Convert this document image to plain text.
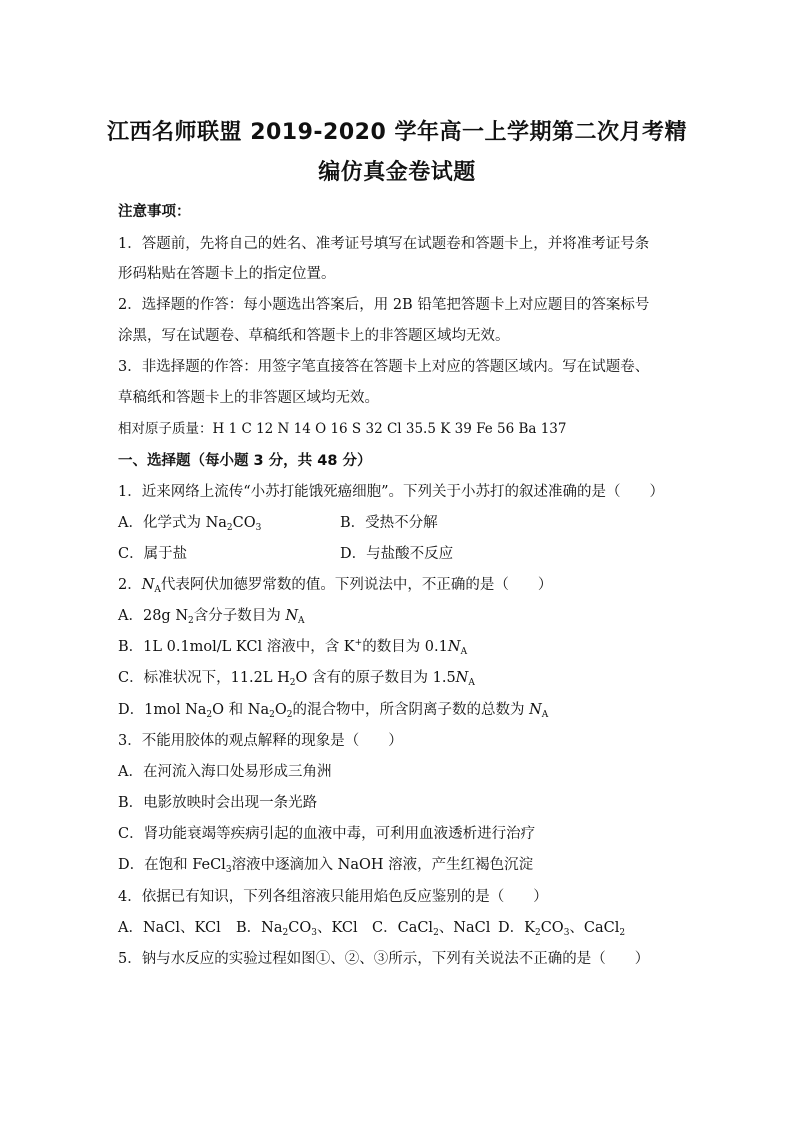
江西名师联盟 2019-2020 学年高一上学期第二次月考精
编仿真金卷试题
注意事项：
1．答题前，先将自己的姓名、准考证号填写在试题卷和答题卡上，并将准考证号条
形码粘贴在答题卡上的指定位置。
2．选择题的作答：每小题选出答案后，用 2B 铅笔把答题卡上对应题目的答案标号
涂黑，写在试题卷、草稿纸和答题卡上的非答题区域均无效。
3．非选择题的作答：用签字笔直接答在答题卡上对应的答题区域内。写在试题卷、
草稿纸和答题卡上的非答题区域均无效。
相对原子质量：H 1 C 12 N 14 O 16 S 32 Cl 35.5 K 39 Fe 56 Ba 137
一、选择题（每小题 3 分，共 48 分）
1．近来网络上流传“小苏打能饿死癌细胞”。下列关于小苏打的叙述准确的是（　　）
A．化学式为 $Na_2CO_3$	B．受热不分解
C．属于盐	D．与盐酸不反应
2．$N_A$代表阿伏加德罗常数的值。下列说法中，不正确的是（　　）
A．28g $N_2$含分子数目为 $N_A$
B．1L 0.1mol/L KCl 溶液中，含 K+的数目为 $0.1N_A$
C．标准状况下，11.2L $H_2O$ 含有的原子数目为 $1.5N_A$
D．1mol $Na_2O$ 和 $Na_2O_2$的混合物中，所含阴离子数的总数为 $N_A$
3．不能用胶体的观点解释的现象是（　　）
A．在河流入海口处易形成三角洲
B．电影放映时会出现一条光路
C．肾功能衰竭等疾病引起的血液中毒，可利用血液透析进行治疗
D．在饱和 FeCl$_3$溶液中逐滴加入 NaOH 溶液，产生红褐色沉淀
4．依据已有知识，下列各组溶液只能用焰色反应鉴别的是（　　）
A．NaCl、KCl B．$Na_2CO_3$、KCl C．CaCl$_2$、NaCl D．$K_2CO_3$、CaCl$_2$
5．钠与水反应的实验过程如图①、②、③所示，下列有关说法不正确的是（　　）
